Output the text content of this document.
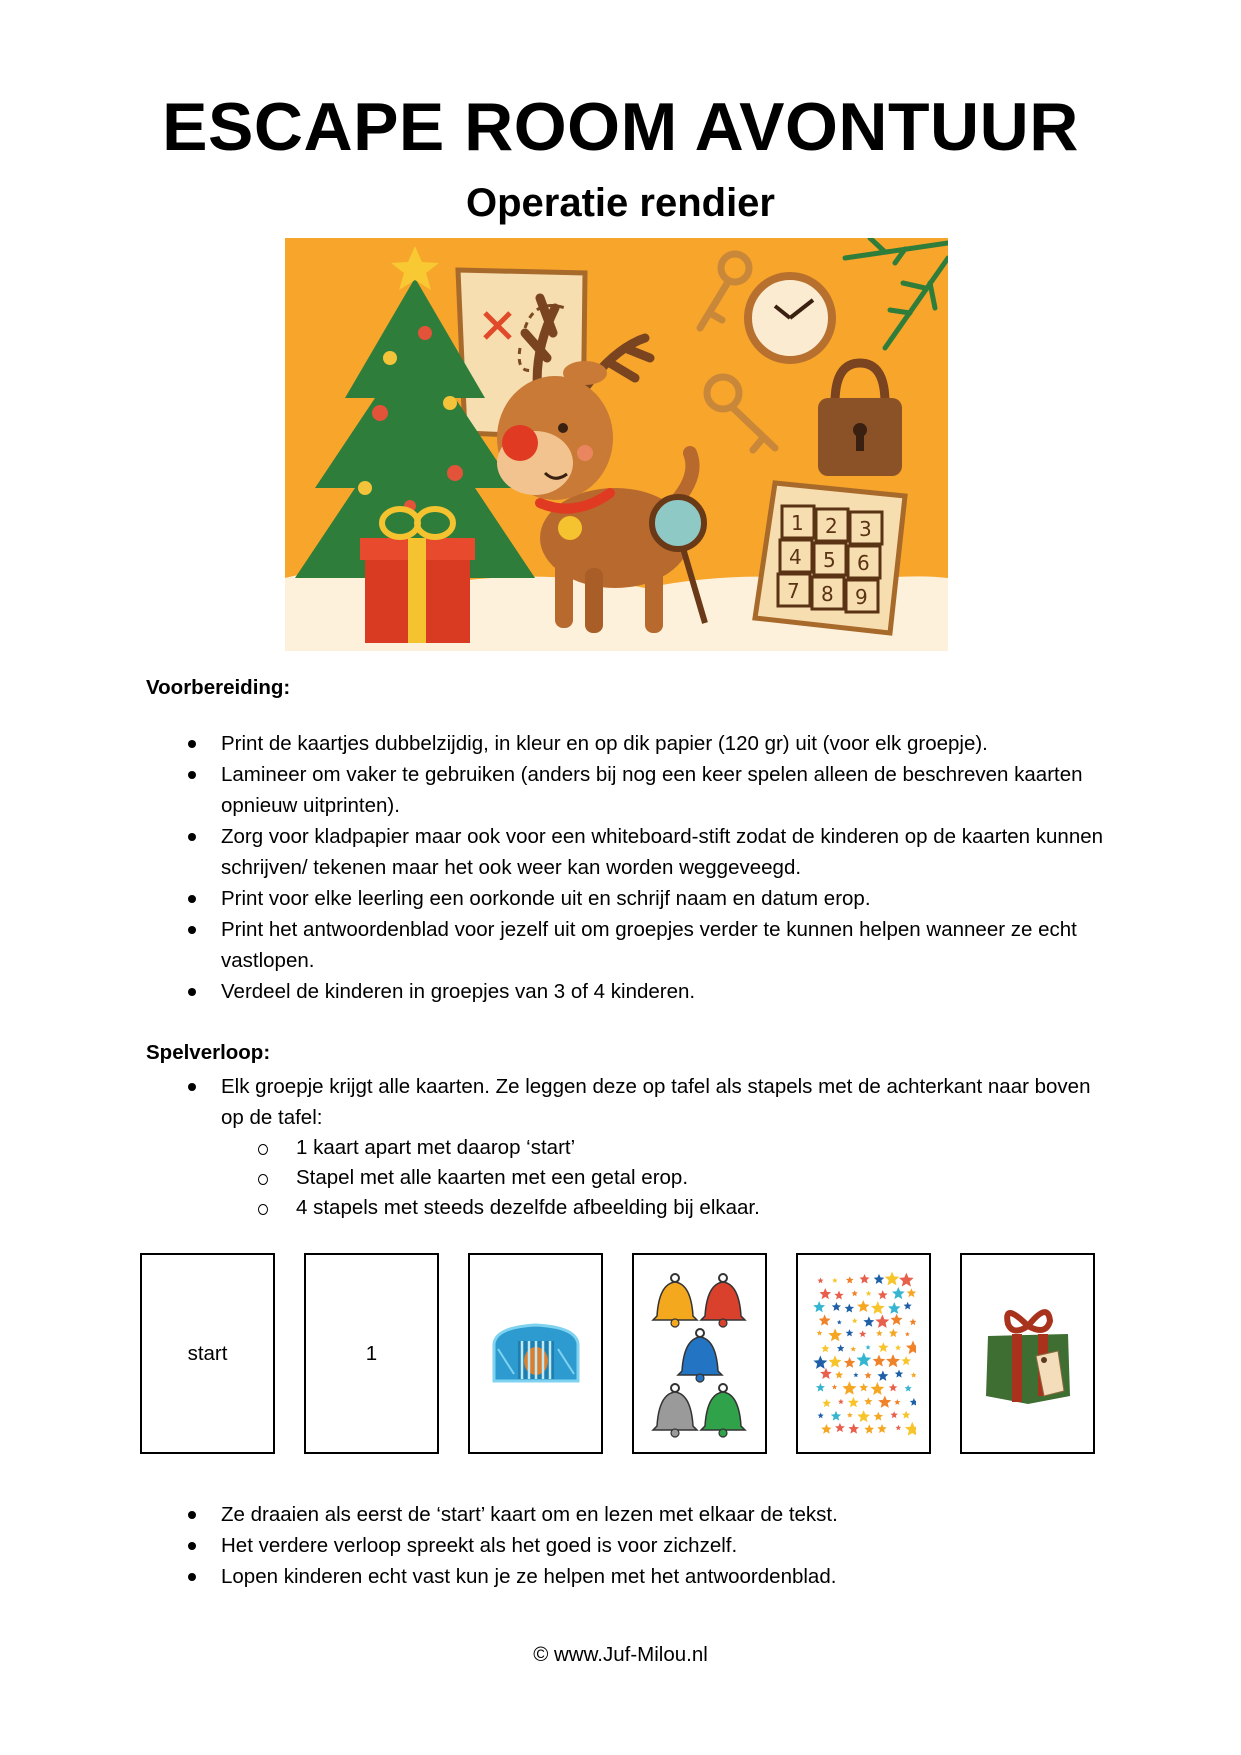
ESCAPE ROOM AVONTUUR
Operatie rendier
1 2 3
4 5 6
7 8 9
Voorbereiding:
Print de kaartjes dubbelzijdig, in kleur en op dik papier (120 gr) uit (voor elk groepje).
Lamineer om vaker te gebruiken (anders bij nog een keer spelen alleen de beschreven kaarten opnieuw uitprinten).
Zorg voor kladpapier maar ook voor een whiteboard-stift zodat de kinderen op de kaarten kunnen schrijven/ tekenen maar het ook weer kan worden weggeveegd.
Print voor elke leerling een oorkonde uit en schrijf naam en datum erop.
Print het antwoordenblad voor jezelf uit om groepjes verder te kunnen helpen wanneer ze echt vastlopen.
Verdeel de kinderen in groepjes van 3 of 4 kinderen.
Spelverloop:
Elk groepje krijgt alle kaarten. Ze leggen deze op tafel als stapels met de achterkant naar boven op de tafel:
1 kaart apart met daarop ‘start’
Stapel met alle kaarten met een getal erop.
4 stapels met steeds dezelfde afbeelding bij elkaar.
start	1
Ze draaien als eerst de ‘start’ kaart om en lezen met elkaar de tekst.
Het verdere verloop spreekt als het goed is voor zichzelf.
Lopen kinderen echt vast kun je ze helpen met het antwoordenblad.
© www.Juf-Milou.nl
